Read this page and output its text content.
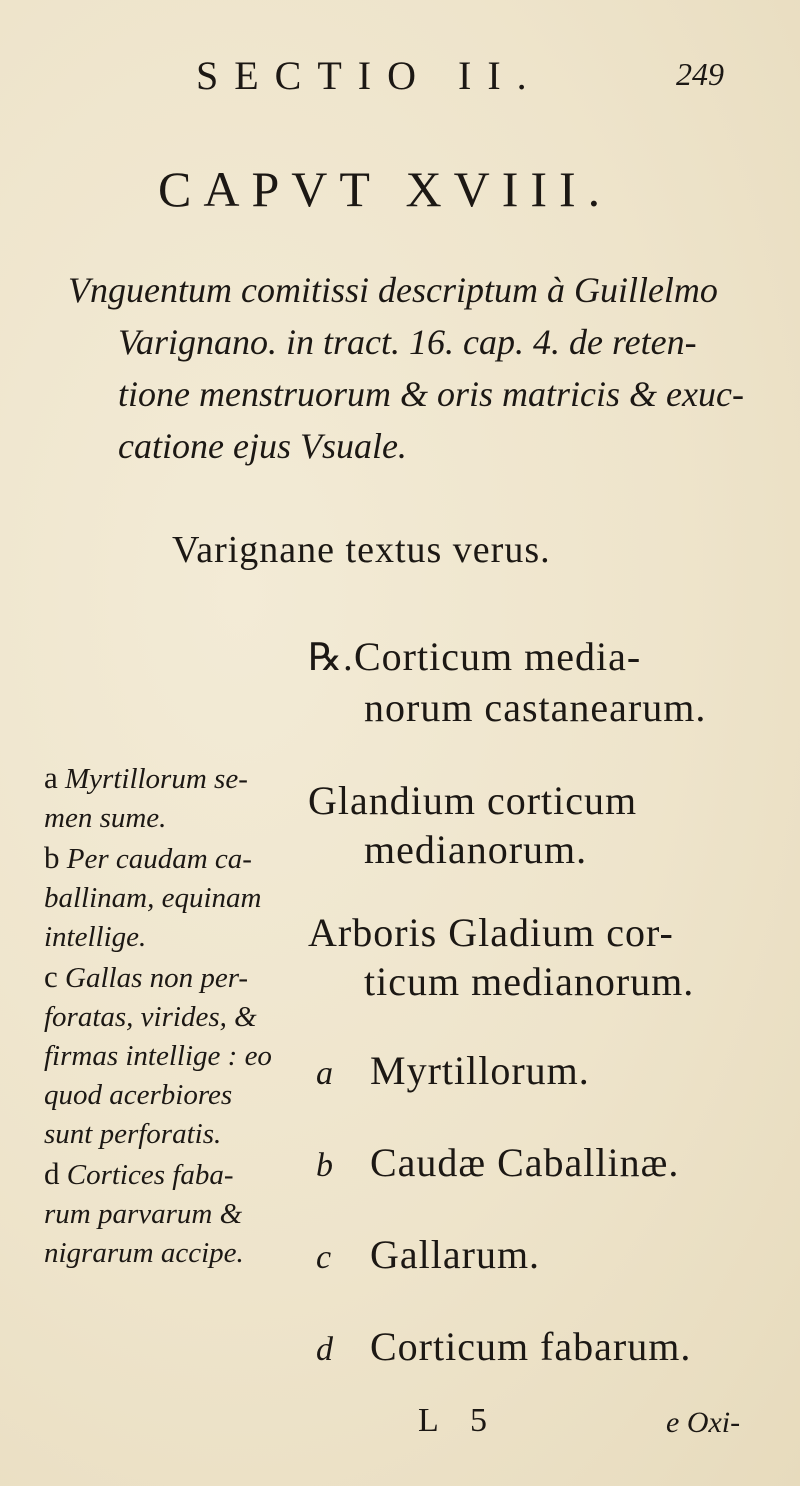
SECTIO II.	249
CAPVT XVIII.
Vnguentum comitissi descriptum à Guillelmo
Varignano. in tract. 16. cap. 4. de reten-
tione menstruorum & oris matricis & exuc-
catione ejus Vsuale.
Varignane textus verus.
℞.Corticum media-
norum castanearum.
Glandium corticum
medianorum.
Arboris Gladium cor-
ticum medianorum.
a Myrtillorum.
b Caudæ Caballinæ.
c Gallarum.
d Corticum fabarum.
a Myrtillorum se-
men sume.
b Per caudam ca-
ballinam, equinam
intellige.
c Gallas non per-
foratas, virides, &
firmas intellige : eo
quod acerbiores
sunt perforatis.
d Cortices faba-
rum parvarum &
nigrarum accipe.
L 5	e Oxi-
